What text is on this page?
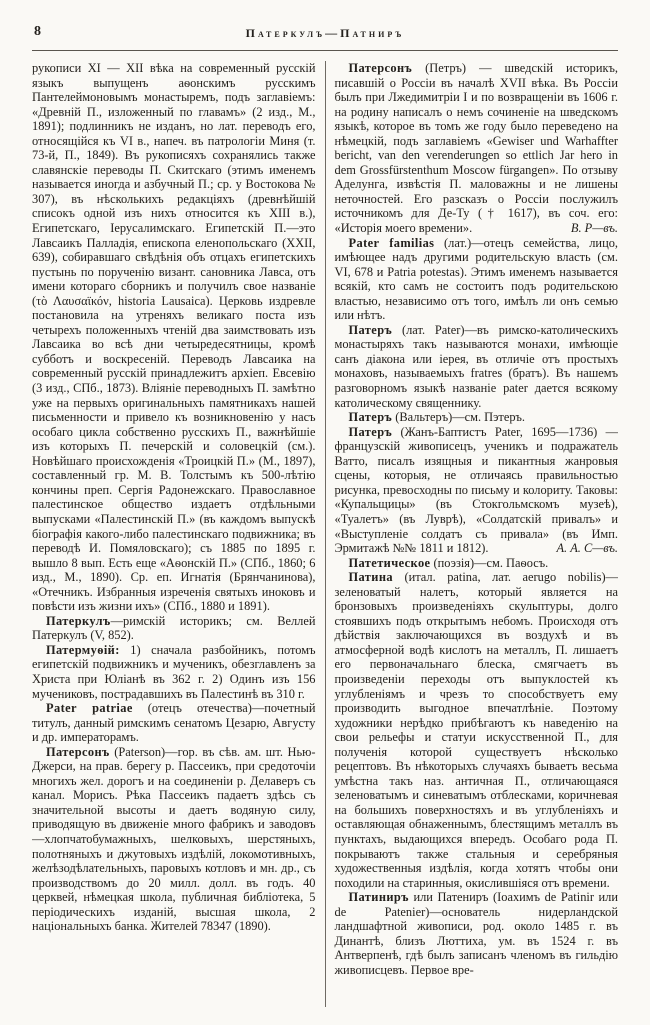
8	Патеркулъ—Патниръ

рукописи XI — XII вѣка на современный русскій языкъ выпущенъ аѳонскимъ русскимъ Пантелеймоновымъ монастыремъ, подъ заглавіемъ: «Древній П., изложенный по главамъ» (2 изд., М., 1891); подлинникъ не изданъ, но лат. переводъ его, относящійся къ VI в., напеч. въ патрологіи Миня (т. 73-й, П., 1849). Въ рукописяхъ сохранялись также славянскіе переводы П. Скитскаго (этимъ именемъ называется иногда и азбучный П.; ср. у Востокова № 307), въ нѣсколькихъ редакціяхъ (древнѣйшій списокъ одной изъ нихъ относится къ XIII в.), Египетскаго, Іерусалимскаго. Египетскій П.—это Лавсаикъ Палладія, епископа еленопольскаго (XXII, 639), собиравшаго свѣдѣнія объ отцахъ египетскихъ пустынь по порученію визант. сановника Лавса, отъ имени котораго сборникъ и получилъ свое названіе (τὸ Λαυσαϊκόν, historia Lausaica). Церковь издревле постановила на утреняхъ великаго поста изъ четырехъ положенныхъ чтеній два заимствовать изъ Лавсаика во всѣ дни четыредесятницы, кромѣ субботъ и воскресеній. Переводъ Лавсаика на современный русскій принадлежитъ архіеп. Евсевію (3 изд., СПб., 1873). Вліяніе переводныхъ П. замѣтно уже на первыхъ оригинальныхъ памятникахъ нашей письменности и привело къ возникновенію у насъ особаго цикла собственно русскихъ П., важнѣйшіе изъ которыхъ П. печерскій и соловецкій (см.). Новѣйшаго происхожденія «Троицкій П.» (М., 1897), составленный гр. М. В. Толстымъ къ 500-лѣтію кончины преп. Сергія Радонежскаго. Православное палестинское общество издаетъ отдѣльными выпусками «Палестинскій П.» (въ каждомъ выпускѣ біографія какого-либо палестинскаго подвижника; въ переводѣ И. Помяловскаго); съ 1885 по 1895 г. вышло 8 вып. Есть еще «Аѳонскій П.» (СПб., 1860; 6 изд., М., 1890). Ср. еп. Игнатія (Брянчанинова), «Отечникъ. Избранныя изреченія святыхъ иноковъ и повѣсти изъ жизни ихъ» (СПб., 1880 и 1891).

Патеркулъ—римскій историкъ; см. Веллей Патеркулъ (V, 852).

Патермуѳій: 1) сначала разбойникъ, потомъ египетскій подвижникъ и мученикъ, обезглавленъ за Христа при Юліанѣ въ 362 г. 2) Одинъ изъ 156 мучениковъ, пострадавшихъ въ Палестинѣ въ 310 г.

Pater patriae (отецъ отечества)—почетный титулъ, данный римскимъ сенатомъ Цезарю, Августу и др. императорамъ.

Патерсонъ (Paterson)—гор. въ сѣв. ам. шт. Нью-Джерси, на прав. берегу р. Пассеикъ, при средоточіи многихъ жел. дорогъ и на соединеніи р. Делаверъ съ канал. Морисъ. Рѣка Пассеикъ падаетъ здѣсь съ значительной высоты и даетъ водяную силу, приводящую въ движеніе много фабрикъ и заводовъ—хлопчатобумажныхъ, шелковыхъ, шерстяныхъ, полотняныхъ и джутовыхъ издѣлій, локомотивныхъ, желѣзодѣлательныхъ, паровыхъ котловъ и мн. др., съ производствомъ до 20 милл. долл. въ годъ. 40 церквей, нѣмецкая школа, публичная библіотека, 5 періодическихъ изданій, высшая школа, 2 національныхъ банка. Жителей 78347 (1890).

Патерсонъ (Петръ) — шведскій историкъ, писавшій о Россіи въ началѣ XVII вѣка. Въ Россіи былъ при Лжедимитріи I и по возвращеніи въ 1606 г. на родину написалъ о немъ сочиненіе на шведскомъ языкѣ, которое въ томъ же году было переведено на нѣмецкій, подъ заглавіемъ «Gewiser und Warhaffter bericht, van den verenderungen so ettlich Jar hero in dem Grossfürstenthum Moscow fürgangen». По отзыву Аделунга, извѣстія П. маловажны и не лишены неточностей. Его разсказъ о Россіи послужилъ источникомъ для Де-Ту († 1617), въ соч. его: «Исторія моего времени».	В. Р—въ.

Pater familias (лат.)—отецъ семейства, лицо, имѣющее надъ другими родительскую власть (см. VI, 678 и Patria potestas). Этимъ именемъ называется всякій, кто самъ не состоитъ подъ родительскою властью, независимо отъ того, имѣлъ ли онъ семью или нѣтъ.

Патеръ (лат. Pater)—въ римско-католическихъ монастыряхъ такъ называются монахи, имѣющіе санъ діакона или іерея, въ отличіе отъ простыхъ монаховъ, называемыхъ fratres (братъ). Въ нашемъ разговорномъ языкѣ названіе pater дается всякому католическому священнику.

Патеръ (Вальтеръ)—см. Пэтеръ.

Патеръ (Жанъ-Баптистъ Pater, 1695—1736) — французскій живописецъ, ученикъ и подражатель Ватто, писалъ изящныя и пикантныя жанровыя сцены, которыя, не отличаясь правильностью рисунка, превосходны по письму и колориту. Таковы: «Купальщицы» (въ Стокгольмскомъ музеѣ), «Туалетъ» (въ Луврѣ), «Солдатскій привалъ» и «Выступленіе солдатъ съ привала» (въ Имп. Эрмитажѣ №№ 1811 и 1812).	А. А. С—въ.

Патетическое (поэзія)—см. Паѳосъ.

Патина (итал. patina, лат. aerugo nobilis)—зеленоватый налетъ, который является на бронзовыхъ произведеніяхъ скульптуры, долго стоявшихъ подъ открытымъ небомъ. Происходя отъ дѣйствія заключающихся въ воздухѣ и въ атмосферной водѣ кислотъ на металлъ, П. лишаетъ его первоначальнаго блеска, смягчаетъ въ произведеніи переходы отъ выпуклостей къ углубленіямъ и чрезъ то способствуетъ ему производить выгодное впечатлѣніе. Поэтому художники нерѣдко прибѣгаютъ къ наведенію на свои рельефы и статуи искусственной П., для полученія которой существуетъ нѣсколько рецептовъ. Въ нѣкоторыхъ случаяхъ бываетъ весьма умѣстна такъ наз. античная П., отличающаяся зеленоватымъ и синеватымъ отблесками, коричневая на большихъ поверхностяхъ и въ углубленіяхъ и оставляющая обнаженнымъ, блестящимъ металлъ въ пунктахъ, выдающихся впередъ. Особаго рода П. покрываютъ также стальныя и серебряныя художественныя издѣлія, когда хотятъ чтобы они походили на старинныя, окислившіяся отъ времени.

Патиниръ или Патениръ (Іоахимъ de Patinir или de Patenier)—основатель нидерландской ландшафтной живописи, род. около 1485 г. въ Динантѣ, близъ Люттиха, ум. въ 1524 г. въ Антверпенѣ, гдѣ былъ записанъ членомъ въ гильдію живописцевъ. Первое вре-
